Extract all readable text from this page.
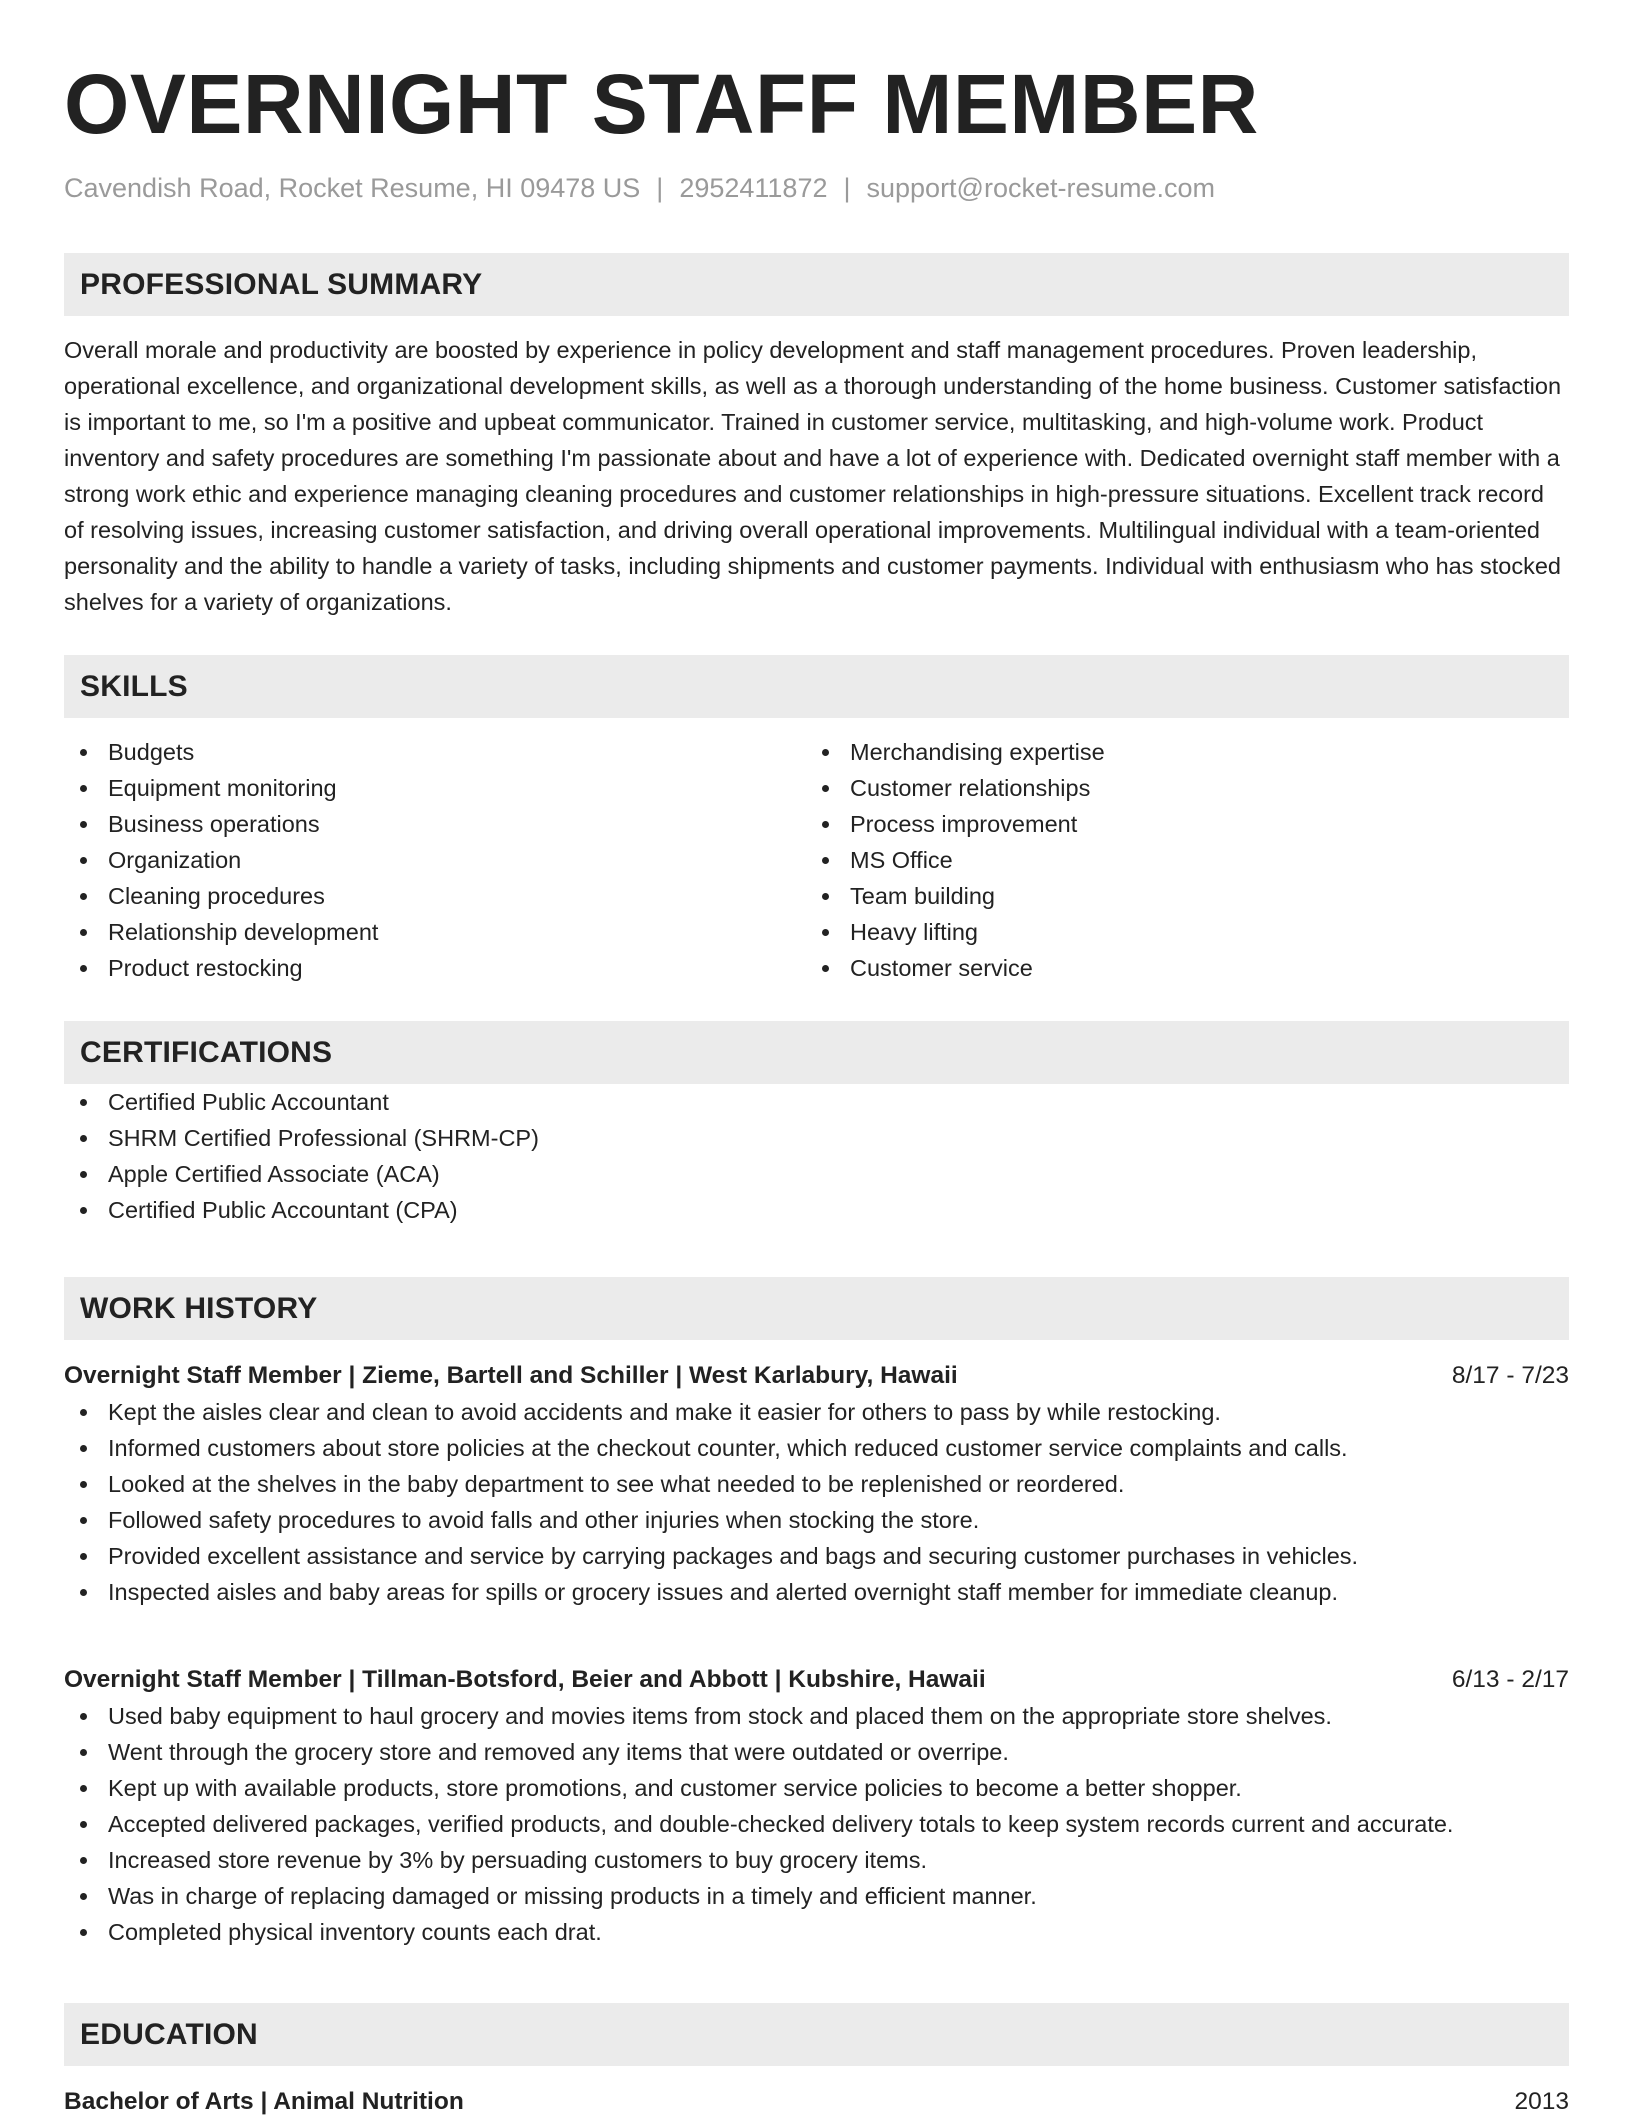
OVERNIGHT STAFF MEMBER
Cavendish Road, Rocket Resume, HI 09478 US | 2952411872 | support@rocket-resume.com
PROFESSIONAL SUMMARY

Overall morale and productivity are boosted by experience in policy development and staff management procedures. Proven leadership, operational excellence, and organizational development skills, as well as a thorough understanding of the home business. Customer satisfaction is important to me, so I'm a positive and upbeat communicator. Trained in customer service, multitasking, and high-volume work. Product inventory and safety procedures are something I'm passionate about and have a lot of experience with. Dedicated overnight staff member with a strong work ethic and experience managing cleaning procedures and customer relationships in high-pressure situations. Excellent track record of resolving issues, increasing customer satisfaction, and driving overall operational improvements. Multilingual individual with a team-oriented personality and the ability to handle a variety of tasks, including shipments and customer payments. Individual with enthusiasm who has stocked shelves for a variety of organizations.

SKILLS
Budgets
Equipment monitoring
Business operations
Organization
Cleaning procedures
Relationship development
Product restocking
Merchandising expertise
Customer relationships
Process improvement
MS Office
Team building
Heavy lifting
Customer service
CERTIFICATIONS
Certified Public Accountant
SHRM Certified Professional (SHRM-CP)
Apple Certified Associate (ACA)
Certified Public Accountant (CPA)
WORK HISTORY
Overnight Staff Member | Zieme, Bartell and Schiller | West Karlabury, Hawaii	8/17 - 7/23
Kept the aisles clear and clean to avoid accidents and make it easier for others to pass by while restocking.
Informed customers about store policies at the checkout counter, which reduced customer service complaints and calls.
Looked at the shelves in the baby department to see what needed to be replenished or reordered.
Followed safety procedures to avoid falls and other injuries when stocking the store.
Provided excellent assistance and service by carrying packages and bags and securing customer purchases in vehicles.
Inspected aisles and baby areas for spills or grocery issues and alerted overnight staff member for immediate cleanup.
Overnight Staff Member | Tillman-Botsford, Beier and Abbott | Kubshire, Hawaii	6/13 - 2/17
Used baby equipment to haul grocery and movies items from stock and placed them on the appropriate store shelves.
Went through the grocery store and removed any items that were outdated or overripe.
Kept up with available products, store promotions, and customer service policies to become a better shopper.
Accepted delivered packages, verified products, and double-checked delivery totals to keep system records current and accurate.
Increased store revenue by 3% by persuading customers to buy grocery items.
Was in charge of replacing damaged or missing products in a timely and efficient manner.
Completed physical inventory counts each drat.
EDUCATION
Bachelor of Arts | Animal Nutrition	2013
